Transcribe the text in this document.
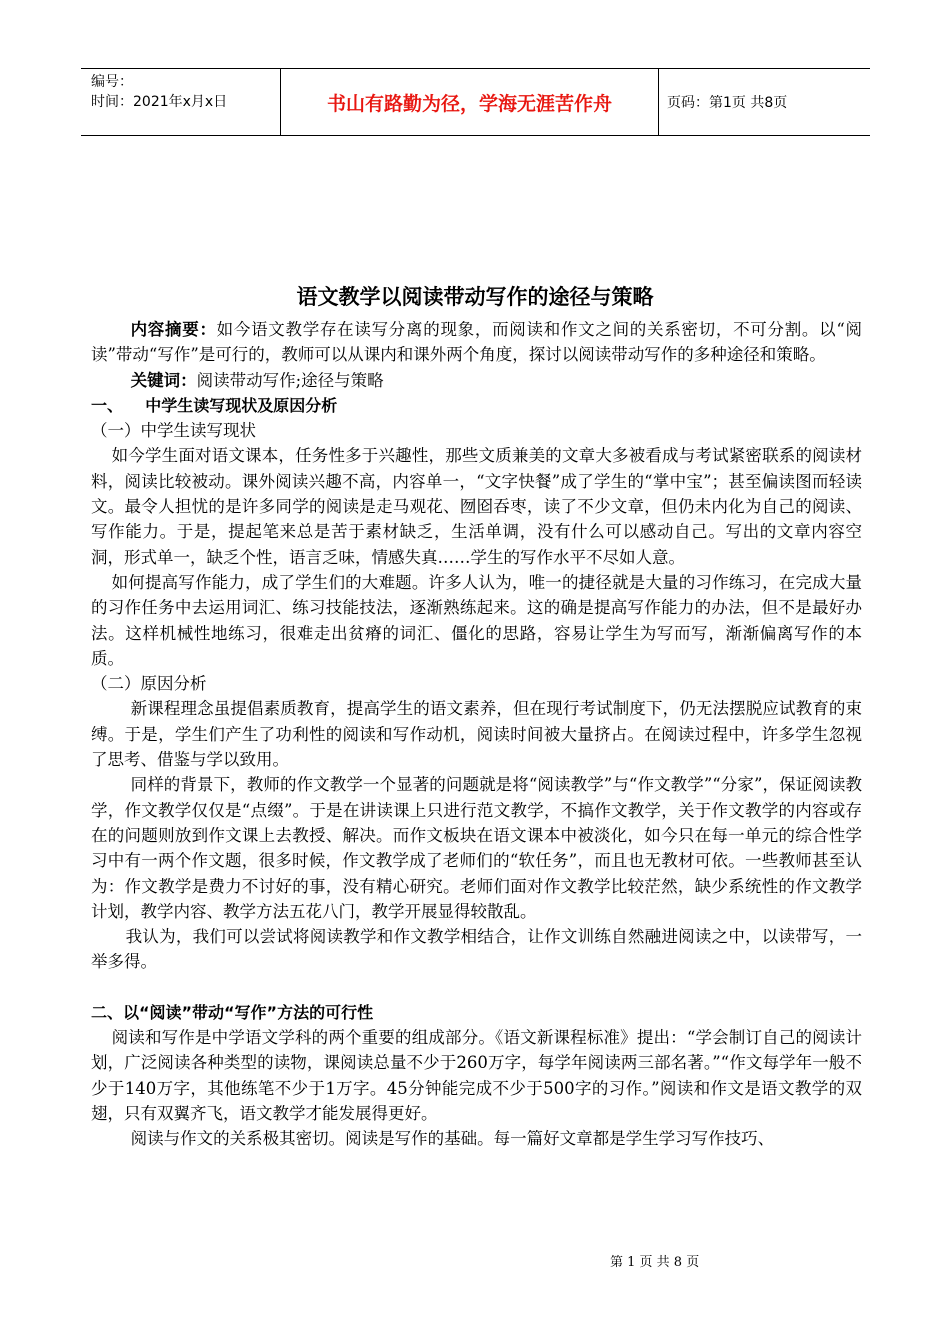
编号：
时间：2021年x月x日	书山有路勤为径，学海无涯苦作舟	页码：第1页 共8页
语文教学以阅读带动写作的途径与策略

内容摘要：如今语文教学存在读写分离的现象，而阅读和作文之间的关系密切，不可分割。以“阅读”带动“写作”是可行的，教师可以从课内和课外两个角度，探讨以阅读带动写作的多种途径和策略。

关键词：阅读带动写作;途径与策略

一、    中学生读写现状及原因分析

（一）中学生读写现状

如今学生面对语文课本，任务性多于兴趣性，那些文质兼美的文章大多被看成与考试紧密联系的阅读材料，阅读比较被动。课外阅读兴趣不高，内容单一，“文字快餐”成了学生的“掌中宝”；甚至偏读图而轻读文。最令人担忧的是许多同学的阅读是走马观花、囫囵吞枣，读了不少文章，但仍未内化为自己的阅读、写作能力。于是，提起笔来总是苦于素材缺乏，生活单调，没有什么可以感动自己。写出的文章内容空洞，形式单一，缺乏个性，语言乏味，情感失真……学生的写作水平不尽如人意。

如何提高写作能力，成了学生们的大难题。许多人认为，唯一的捷径就是大量的习作练习，在完成大量的习作任务中去运用词汇、练习技能技法，逐渐熟练起来。这的确是提高写作能力的办法，但不是最好办法。这样机械性地练习，很难走出贫瘠的词汇、僵化的思路，容易让学生为写而写，渐渐偏离写作的本质。

（二）原因分析

新课程理念虽提倡素质教育，提高学生的语文素养，但在现行考试制度下，仍无法摆脱应试教育的束缚。于是，学生们产生了功利性的阅读和写作动机，阅读时间被大量挤占。在阅读过程中，许多学生忽视了思考、借鉴与学以致用。

同样的背景下，教师的作文教学一个显著的问题就是将“阅读教学”与“作文教学”“分家”，保证阅读教学，作文教学仅仅是“点缀”。于是在讲读课上只进行范文教学，不搞作文教学，关于作文教学的内容或存在的问题则放到作文课上去教授、解决。而作文板块在语文课本中被淡化，如今只在每一单元的综合性学习中有一两个作文题，很多时候，作文教学成了老师们的“软任务”，而且也无教材可依。一些教师甚至认为：作文教学是费力不讨好的事，没有精心研究。老师们面对作文教学比较茫然，缺少系统性的作文教学计划，教学内容、教学方法五花八门，教学开展显得较散乱。

我认为，我们可以尝试将阅读教学和作文教学相结合，让作文训练自然融进阅读之中，以读带写，一举多得。

二、以“阅读”带动“写作”方法的可行性

阅读和写作是中学语文学科的两个重要的组成部分。《语文新课程标准》提出：“学会制订自己的阅读计划，广泛阅读各种类型的读物，课阅读总量不少于260万字，每学年阅读两三部名著。”“作文每学年一般不少于140万字，其他练笔不少于1万字。45分钟能完成不少于500字的习作。”阅读和作文是语文教学的双翅，只有双翼齐飞，语文教学才能发展得更好。

阅读与作文的关系极其密切。阅读是写作的基础。每一篇好文章都是学生学习写作技巧、

第 1 页 共 8 页
